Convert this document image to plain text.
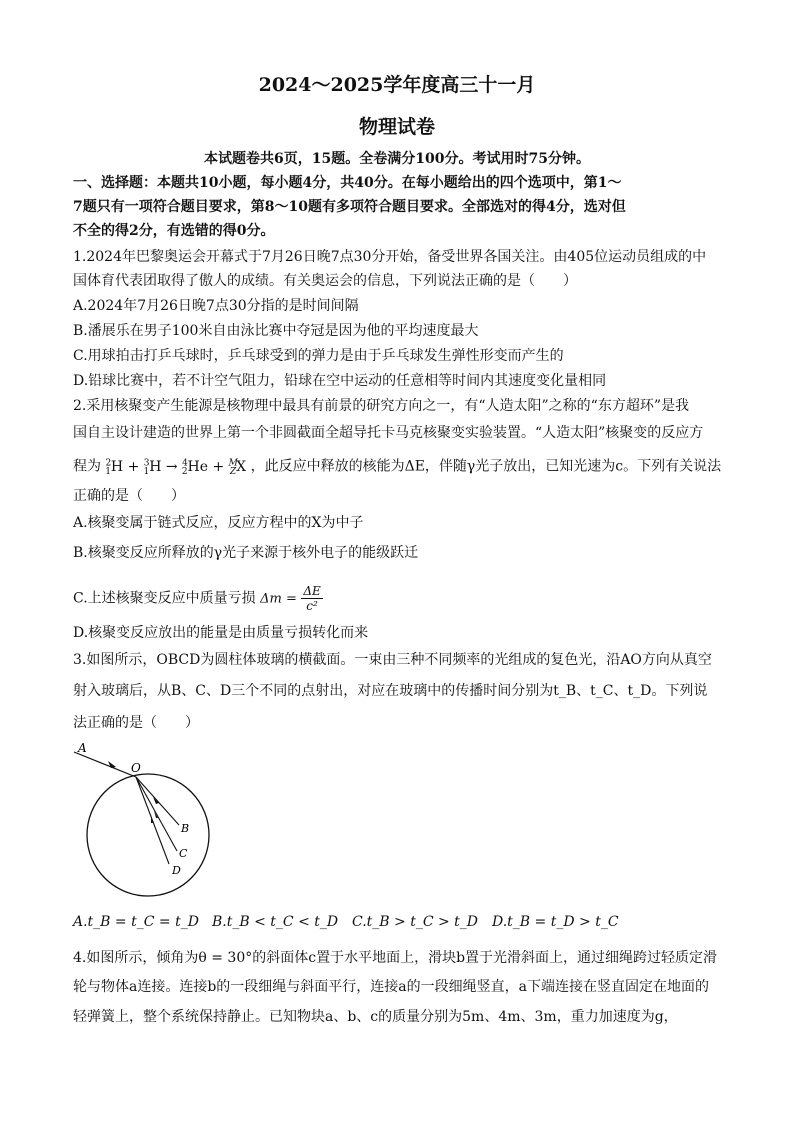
2024～2025学年度高三十一月
物理试卷
本试题卷共6页，15题。全卷满分100分。考试用时75分钟。
一、选择题：本题共10小题，每小题4分，共40分。在每小题给出的四个选项中，第1～
7题只有一项符合题目要求，第8～10题有多项符合题目要求。全部选对的得4分，选对但
不全的得2分，有选错的得0分。
1.2024年巴黎奥运会开幕式于7月26日晚7点30分开始，备受世界各国关注。由405位运动员组成的中
国体育代表团取得了傲人的成绩。有关奥运会的信息，下列说法正确的是（　　）
A.2024年7月26日晚7点30分指的是时间间隔
B.潘展乐在男子100米自由泳比赛中夺冠是因为他的平均速度最大
C.用球拍击打乒乓球时，乒乓球受到的弹力是由于乒乓球发生弹性形变而产生的
D.铅球比赛中，若不计空气阻力，铅球在空中运动的任意相等时间内其速度变化量相同
2.采用核聚变产生能源是核物理中最具有前景的研究方向之一，有“人造太阳”之称的“东方超环”是我
国自主设计建造的世界上第一个非圆截面全超导托卡马克核聚变实验装置。“人造太阳”核聚变的反应方
程为 $^2_1$H + $^3_1$H → $^4_2$He + $^M_Z$X ，此反应中释放的核能为ΔE，伴随γ光子放出，已知光速为c。下列有关说法
正确的是（　　）
A.核聚变属于链式反应，反应方程中的X为中子
B.核聚变反应所释放的γ光子来源于核外电子的能级跃迁
C.上述核聚变反应中质量亏损 $\Delta m = \frac{\Delta E}{\text{c²}}$
D.核聚变反应放出的能量是由质量亏损转化而来
3.如图所示，OBCD为圆柱体玻璃的横截面。一束由三种不同频率的光组成的复色光，沿AO方向从真空
射入玻璃后，从B、C、D三个不同的点射出，对应在玻璃中的传播时间分别为t_B、t_C、t_D。下列说
法正确的是（　　）
A
O
B
C
D
A.t_B = t_C = t_D B.t_B < t_C < t_D C.t_B > t_C > t_D D.t_B = t_D > t_C
4.如图所示，倾角为θ = 30°的斜面体c置于水平地面上，滑块b置于光滑斜面上，通过细绳跨过轻质定滑
轮与物体a连接。连接b的一段细绳与斜面平行，连接a的一段细绳竖直，a下端连接在竖直固定在地面的
轻弹簧上，整个系统保持静止。已知物块a、b、c的质量分别为5m、4m、3m，重力加速度为g，
